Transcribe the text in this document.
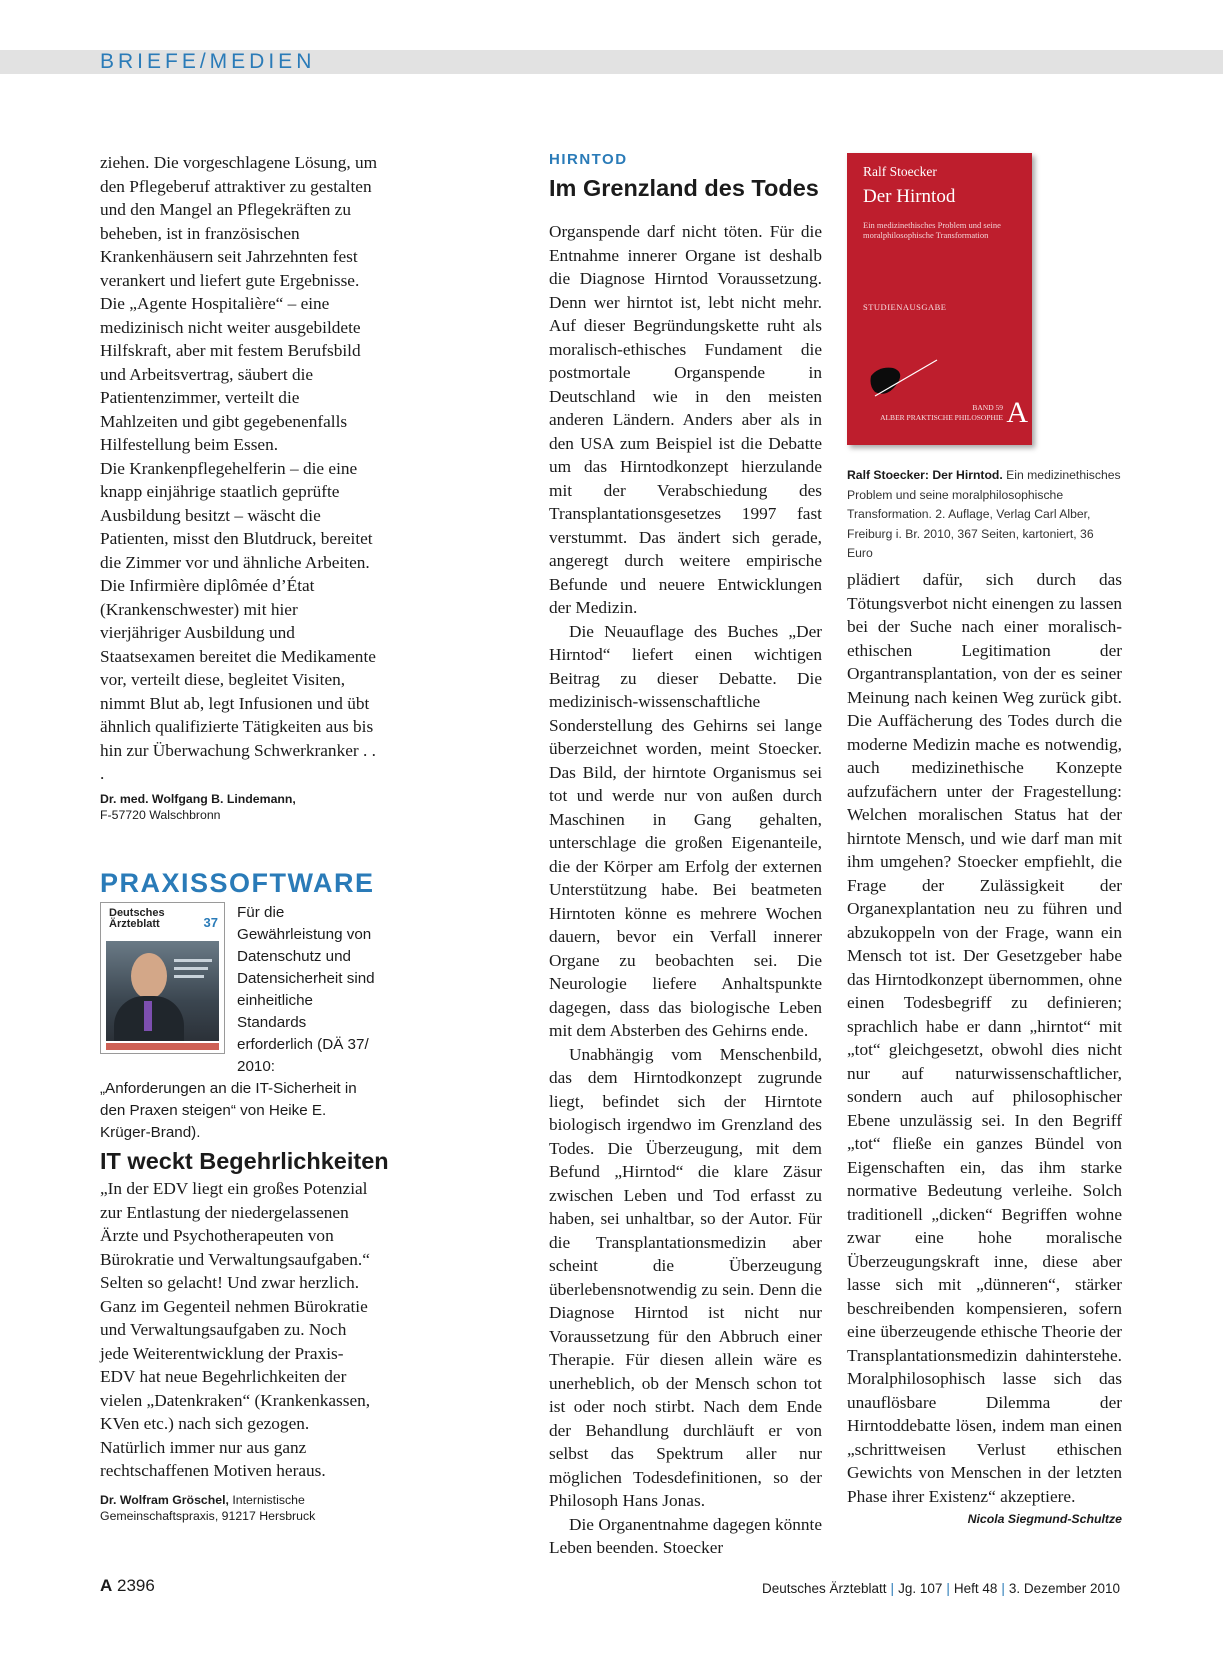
BRIEFE/MEDIEN

ziehen. Die vorgeschlagene Lösung, um den Pflegeberuf attraktiver zu gestalten und den Mangel an Pflegekräften zu beheben, ist in französischen Krankenhäusern seit Jahrzehnten fest verankert und liefert gute Ergebnisse. Die „Agente Hospitalière“ – eine medizinisch nicht weiter ausgebildete Hilfskraft, aber mit festem Berufsbild und Arbeitsvertrag, säubert die Patientenzimmer, verteilt die Mahlzeiten und gibt gegebenenfalls Hilfestellung beim Essen.

Die Krankenpflegehelferin – die eine knapp einjährige staatlich geprüfte Ausbildung besitzt – wäscht die Patienten, misst den Blutdruck, bereitet die Zimmer vor und ähnliche Arbeiten. Die Infirmière diplômée d’État (Krankenschwester) mit hier vierjähriger Ausbildung und Staatsexamen bereitet die Medikamente vor, verteilt diese, begleitet Visiten, nimmt Blut ab, legt Infusionen und übt ähnlich qualifizierte Tätigkeiten aus bis hin zur Überwachung Schwerkranker . . .

Dr. med. Wolfgang B. Lindemann,
F-57720 Walschbronn
PRAXISSOFTWARE
Deutsches
Ärzteblatt	37
Für die Gewährleistung von Datenschutz und Datensicherheit sind einheitliche Standards erforderlich (DÄ 37/ 2010: „Anforderungen an die IT-Sicherheit in den Praxen steigen“ von Heike E. Krüger-Brand).
IT weckt Begehrlichkeiten

„In der EDV liegt ein großes Potenzial zur Entlastung der niedergelassenen Ärzte und Psychotherapeuten von Bürokratie und Verwaltungsaufgaben.“ Selten so gelacht! Und zwar herzlich. Ganz im Gegenteil nehmen Bürokratie und Verwaltungsaufgaben zu. Noch jede Weiterentwicklung der Praxis-EDV hat neue Begehrlichkeiten der vielen „Datenkraken“ (Krankenkassen, KVen etc.) nach sich gezogen. Natürlich immer nur aus ganz rechtschaffenen Motiven heraus.

Dr. Wolfram Gröschel, Internistische Gemeinschaftspraxis, 91217 Hersbruck
HIRNTOD
Im Grenzland des Todes

Organspende darf nicht töten. Für die Entnahme innerer Organe ist deshalb die Diagnose Hirntod Voraussetzung. Denn wer hirntot ist, lebt nicht mehr. Auf dieser Begründungskette ruht als moralisch-ethisches Fundament die postmortale Organspende in Deutschland wie in den meisten anderen Ländern. Anders aber als in den USA zum Beispiel ist die Debatte um das Hirntodkonzept hierzulande mit der Verabschiedung des Transplantationsgesetzes 1997 fast verstummt. Das ändert sich gerade, angeregt durch weitere empirische Befunde und neuere Entwicklungen der Medizin.

Die Neuauflage des Buches „Der Hirntod“ liefert einen wichtigen Beitrag zu dieser Debatte. Die medizinisch-wissenschaftliche Sonderstellung des Gehirns sei lange überzeichnet worden, meint Stoecker. Das Bild, der hirntote Organismus sei tot und werde nur von außen durch Maschinen in Gang gehalten, unterschlage die großen Eigenanteile, die der Körper am Erfolg der externen Unterstützung habe. Bei beatmeten Hirntoten könne es mehrere Wochen dauern, bevor ein Verfall innerer Organe zu beobachten sei. Die Neurologie liefere Anhaltspunkte dagegen, dass das biologische Leben mit dem Absterben des Gehirns ende.

Unabhängig vom Menschenbild, das dem Hirntodkonzept zugrunde liegt, befindet sich der Hirntote biologisch irgendwo im Grenzland des Todes. Die Überzeugung, mit dem Befund „Hirntod“ die klare Zäsur zwischen Leben und Tod erfasst zu haben, sei unhaltbar, so der Autor. Für die Transplantationsmedizin aber scheint die Überzeugung überlebensnotwendig zu sein. Denn die Diagnose Hirntod ist nicht nur Voraussetzung für den Abbruch einer Therapie. Für diesen allein wäre es unerheblich, ob der Mensch schon tot ist oder noch stirbt. Nach dem Ende der Behandlung durchläuft er von selbst das Spektrum aller nur möglichen Todesdefinitionen, so der Philosoph Hans Jonas.

Die Organentnahme dagegen könnte Leben beenden. Stoecker

Ralf Stoecker
Der Hirntod
Ein medizinethisches Problem und seine moralphilosophische Transformation
STUDIENAUSGABE
BAND 59
ALBER PRAKTISCHE PHILOSOPHIE A
Ralf Stoecker: Der Hirntod. Ein medizinethisches Problem und seine moralphilosophische Transformation. 2. Auflage, Verlag Carl Alber, Freiburg i. Br. 2010, 367 Seiten, kartoniert, 36 Euro

plädiert dafür, sich durch das Tötungsverbot nicht einengen zu lassen bei der Suche nach einer moralisch-ethischen Legitimation der Organtransplantation, von der es seiner Meinung nach keinen Weg zurück gibt. Die Auffächerung des Todes durch die moderne Medizin mache es notwendig, auch medizinethische Konzepte aufzufächern unter der Fragestellung: Welchen moralischen Status hat der hirntote Mensch, und wie darf man mit ihm umgehen? Stoecker empfiehlt, die Frage der Zulässigkeit der Organexplantation neu zu führen und abzukoppeln von der Frage, wann ein Mensch tot ist. Der Gesetzgeber habe das Hirntodkonzept übernommen, ohne einen Todesbegriff zu definieren; sprachlich habe er dann „hirntot“ mit „tot“ gleichgesetzt, obwohl dies nicht nur auf naturwissenschaftlicher, sondern auch auf philosophischer Ebene unzulässig sei. In den Begriff „tot“ fließe ein ganzes Bündel von Eigenschaften ein, das ihm starke normative Bedeutung verleihe. Solch traditionell „dicken“ Begriffen wohne zwar eine hohe moralische Überzeugungskraft inne, diese aber lasse sich mit „dünneren“, stärker beschreibenden kompensieren, sofern eine überzeugende ethische Theorie der Transplantationsmedizin dahinterstehe. Moralphilosophisch lasse sich das unauflösbare Dilemma der Hirntoddebatte lösen, indem man einen „schrittweisen Verlust ethischen Gewichts von Menschen in der letzten Phase ihrer Existenz“ akzeptiere.
Nicola Siegmund-Schultze

A 2396	Deutsches Ärzteblatt | Jg. 107 | Heft 48 | 3. Dezember 2010
